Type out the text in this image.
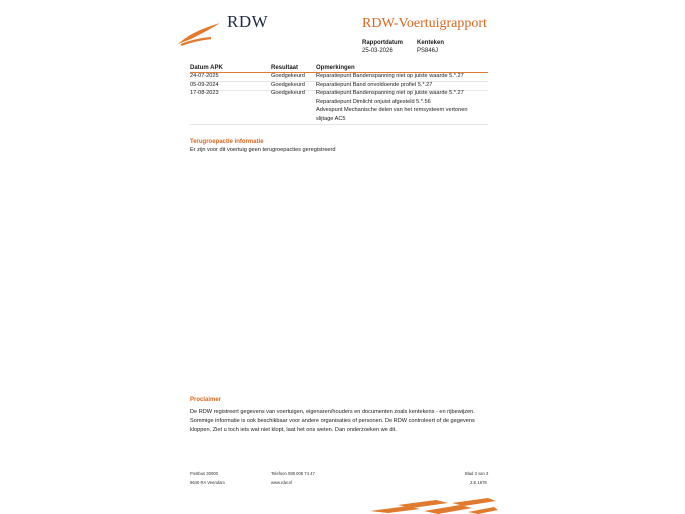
RDW	RDW-Voertuigrapport
Rapportdatum
25-03-2026
Kenteken
PS846J
Datum APK	Resultaat	Opmerkingen
24-07-2025	Goedgekeurd Reparatiepunt Bandenspanning niet op juiste waarde 5.*.27
05-09-2024	Goedgekeurd Reparatiepunt Band onvoldoende profiel 5.*.27
17-08-2023	Goedgekeurd Reparatiepunt Bandenspanning niet op juiste waarde 5.*.27
Reparatiepunt Dimlicht onjuist afgesteld 5.*.56
Advespunt Mechanische delen van het remsysteem vertonen
slijtage AC5
Terugroepactie informatie
Er zijn voor dit voertuig geen terugroepacties geregistreerd
Proclaimer
De RDW registreert gegevens van voertuigen, eigenaren/houders en documenten zoals kentekens - en rijbewijzen.
Sommige informatie is ook beschikbaar voor andere organisaties of personen. De RDW controleert of de gegevens
kloppen. Ziet u toch iets wat niet klopt, laat het ons weten. Dan onderzoeken we dit.
Postbus 30000
9640 RA Veendam
Telefoon 088 008 74 47
www.rdw.nl
Blad 3 van 3
2.E.1678
